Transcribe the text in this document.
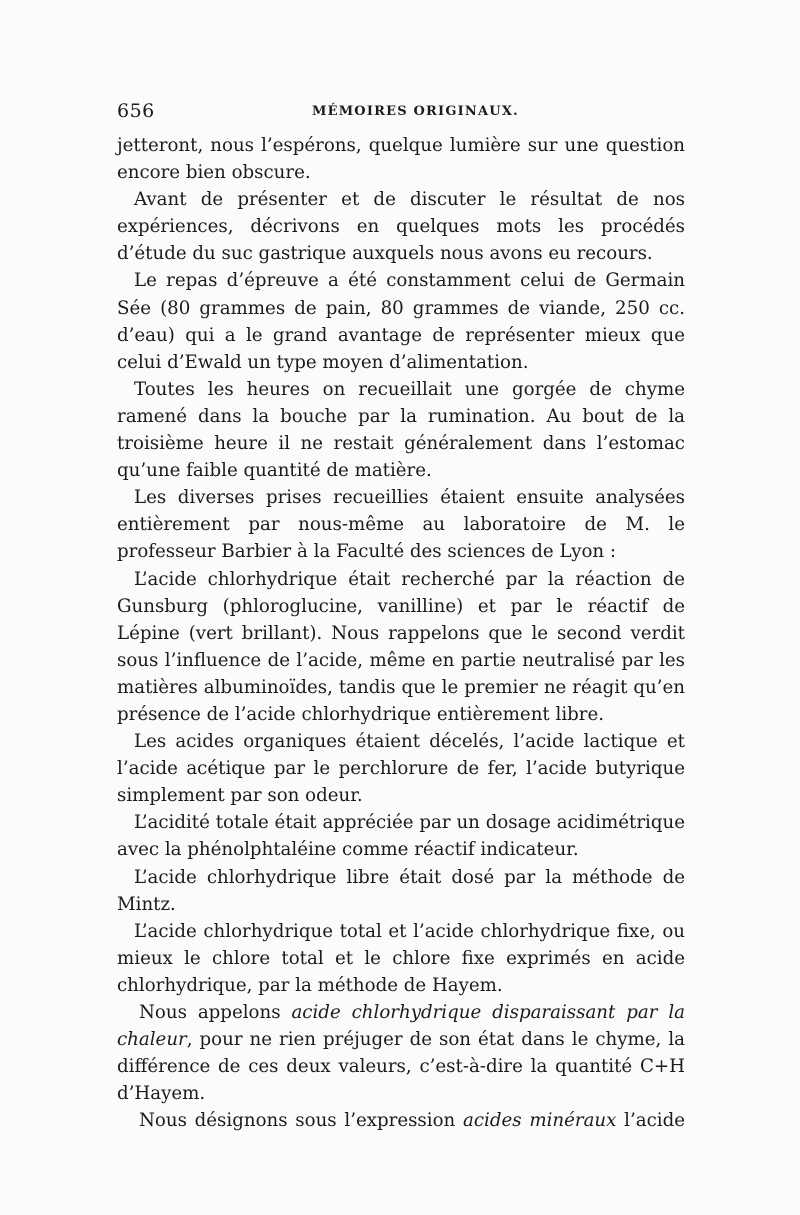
656	MÉMOIRES ORIGINAUX.

jetteront, nous l’espérons, quelque lumière sur une question encore bien obscure.

Avant de présenter et de discuter le résultat de nos expériences, décrivons en quelques mots les procédés d’étude du suc gastrique auxquels nous avons eu recours.

Le repas d’épreuve a été constamment celui de Germain Sée (80 grammes de pain, 80 grammes de viande, 250 cc. d’eau) qui a le grand avantage de représenter mieux que celui d’Ewald un type moyen d’alimentation.

Toutes les heures on recueillait une gorgée de chyme ramené dans la bouche par la rumination. Au bout de la troisième heure il ne restait généralement dans l’estomac qu’une faible quantité de matière.

Les diverses prises recueillies étaient ensuite analysées entièrement par nous-même au laboratoire de M. le professeur Barbier à la Faculté des sciences de Lyon :

L’acide chlorhydrique était recherché par la réaction de Gunsburg (phloroglucine, vanilline) et par le réactif de Lépine (vert brillant). Nous rappelons que le second verdit sous l’influence de l’acide, même en partie neutralisé par les matières albuminoïdes, tandis que le premier ne réagit qu’en présence de l’acide chlorhydrique entièrement libre.

Les acides organiques étaient décelés, l’acide lactique et l’acide acétique par le perchlorure de fer, l’acide butyrique simplement par son odeur.

L’acidité totale était appréciée par un dosage acidimétrique avec la phénolphtaléine comme réactif indicateur.

L’acide chlorhydrique libre était dosé par la méthode de Mintz.

L’acide chlorhydrique total et l’acide chlorhydrique fixe, ou mieux le chlore total et le chlore fixe exprimés en acide chlorhydrique, par la méthode de Hayem.

Nous appelons acide chlorhydrique disparaissant par la chaleur, pour ne rien préjuger de son état dans le chyme, la différence de ces deux valeurs, c’est-à-dire la quantité C+H d’Hayem.

Nous désignons sous l’expression acides minéraux l’acide
